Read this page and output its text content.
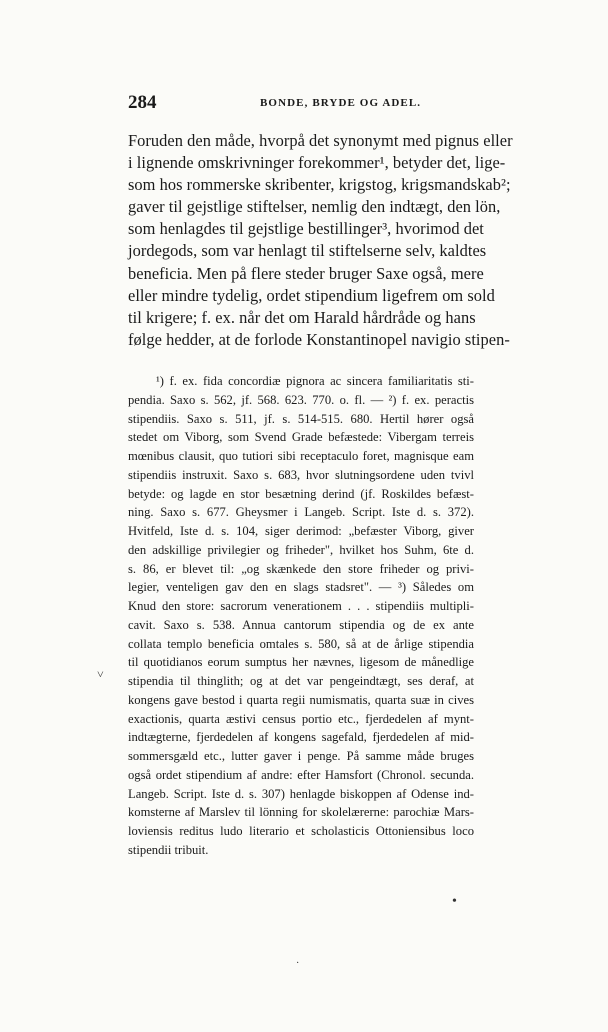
284	BONDE, BRYDE OG ADEL.
Foruden den måde, hvorpå det synonymt med pignus eller
i lignende omskrivninger forekommer¹, betyder det, lige-
som hos rommerske skribenter, krigstog, krigsmandskab²;
gaver til gejstlige stiftelser, nemlig den indtægt, den lön,
som henlagdes til gejstlige bestillinger³, hvorimod det
jordegods, som var henlagt til stiftelserne selv, kaldtes
beneficia. Men på flere steder bruger Saxe også, mere
eller mindre tydelig, ordet stipendium ligefrem om sold
til krigere; f. ex. når det om Harald hårdråde og hans
følge hedder, at de forlode Konstantinopel navigio stipen-
¹) f. ex. fida concordiæ pignora ac sincera familiaritatis sti-
pendia. Saxo s. 562, jf. 568. 623. 770. o. fl. — ²) f. ex. peractis
stipendiis. Saxo s. 511, jf. s. 514-515. 680. Hertil hører også
stedet om Viborg, som Svend Grade befæstede: Vibergam terreis
mœnibus clausit, quo tutiori sibi receptaculo foret, magnisque eam
stipendiis instruxit. Saxo s. 683, hvor slutningsordene uden tvivl
betyde: og lagde en stor besætning derind (jf. Roskildes befæst-
ning. Saxo s. 677. Gheysmer i Langeb. Script. Iste d. s. 372).
Hvitfeld, Iste d. s. 104, siger derimod: „befæster Viborg, giver
den adskillige privilegier og friheder", hvilket hos Suhm, 6te d.
s. 86, er blevet til: „og skænkede den store friheder og privi-
legier, venteligen gav den en slags stadsret". — ³) Således om
Knud den store: sacrorum venerationem . . . stipendiis multipli-
cavit. Saxo s. 538. Annua cantorum stipendia og de ex ante
collata templo beneficia omtales s. 580, så at de årlige stipendia
til quotidianos eorum sumptus her nævnes, ligesom de månedlige
stipendia til thinglith; og at det var pengeindtægt, ses deraf, at
kongens gave bestod i quarta regii numismatis, quarta suæ in cives
exactionis, quarta æstivi census portio etc., fjerdedelen af mynt-
indtægterne, fjerdedelen af kongens sagefald, fjerdedelen af mid-
sommersgæld etc., lutter gaver i penge. På samme måde bruges
også ordet stipendium af andre: efter Hamsfort (Chronol. secunda.
Langeb. Script. Iste d. s. 307) henlagde biskoppen af Odense ind-
komsterne af Marslev til lönning for skolelærerne: parochiæ Mars-
loviensis reditus ludo literario et scholasticis Ottoniensibus loco
stipendii tribuit.
˅
•
·
